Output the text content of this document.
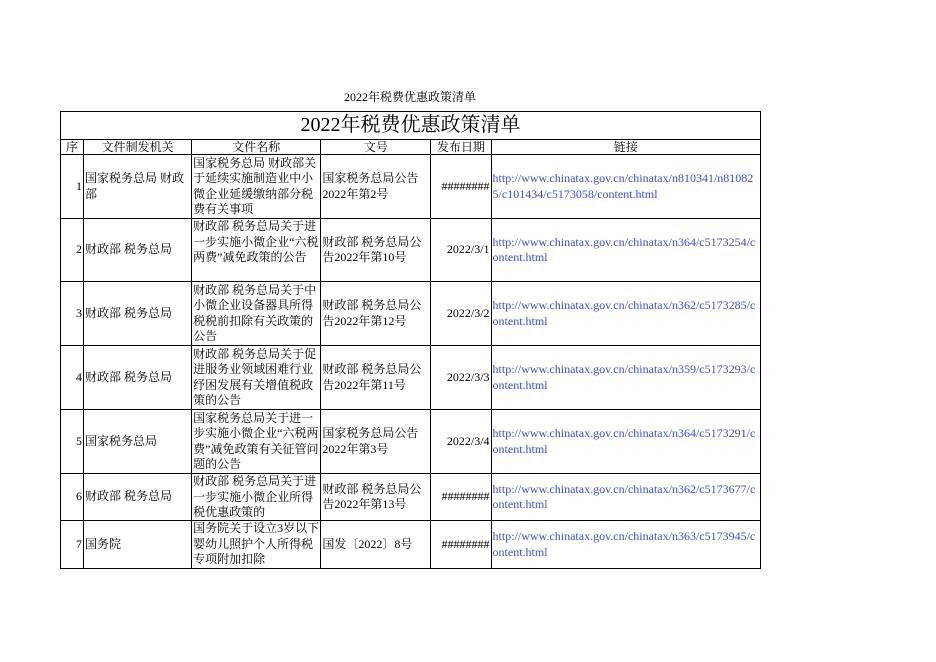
2022年税费优惠政策清单
2022年税费优惠政策清单					
序	文件制发机关	文件名称	文号	发布日期	链接
1	国家税务总局 财政部	国家税务总局 财政部关于延续实施制造业中小微企业延缓缴纳部分税费有关事项	国家税务总局公告2022年第2号	########	http://www.chinatax.gov.cn/chinatax/n810341/n810825/c101434/c5173058/content.html
2	财政部 税务总局	财政部 税务总局关于进一步实施小微企业“六税两费”减免政策的公告	财政部 税务总局公告2022年第10号	2022/3/1	http://www.chinatax.gov.cn/chinatax/n364/c5173254/content.html
3	财政部 税务总局	财政部 税务总局关于中小微企业设备器具所得税税前扣除有关政策的公告	财政部 税务总局公告2022年第12号	2022/3/2	http://www.chinatax.gov.cn/chinatax/n362/c5173285/content.html
4	财政部 税务总局	财政部 税务总局关于促进服务业领域困难行业纾困发展有关增值税政策的公告	财政部 税务总局公告2022年第11号	2022/3/3	http://www.chinatax.gov.cn/chinatax/n359/c5173293/content.html
5	国家税务总局	国家税务总局关于进一步实施小微企业“六税两费”减免政策有关征管问题的公告	国家税务总局公告2022年第3号	2022/3/4	http://www.chinatax.gov.cn/chinatax/n364/c5173291/content.html
6	财政部 税务总局	财政部 税务总局关于进一步实施小微企业所得税优惠政策的	财政部 税务总局公告2022年第13号	########	http://www.chinatax.gov.cn/chinatax/n362/c5173677/content.html
7	国务院	国务院关于设立3岁以下婴幼儿照护个人所得税专项附加扣除	国发〔2022〕8号	########	http://www.chinatax.gov.cn/chinatax/n363/c5173945/content.html
